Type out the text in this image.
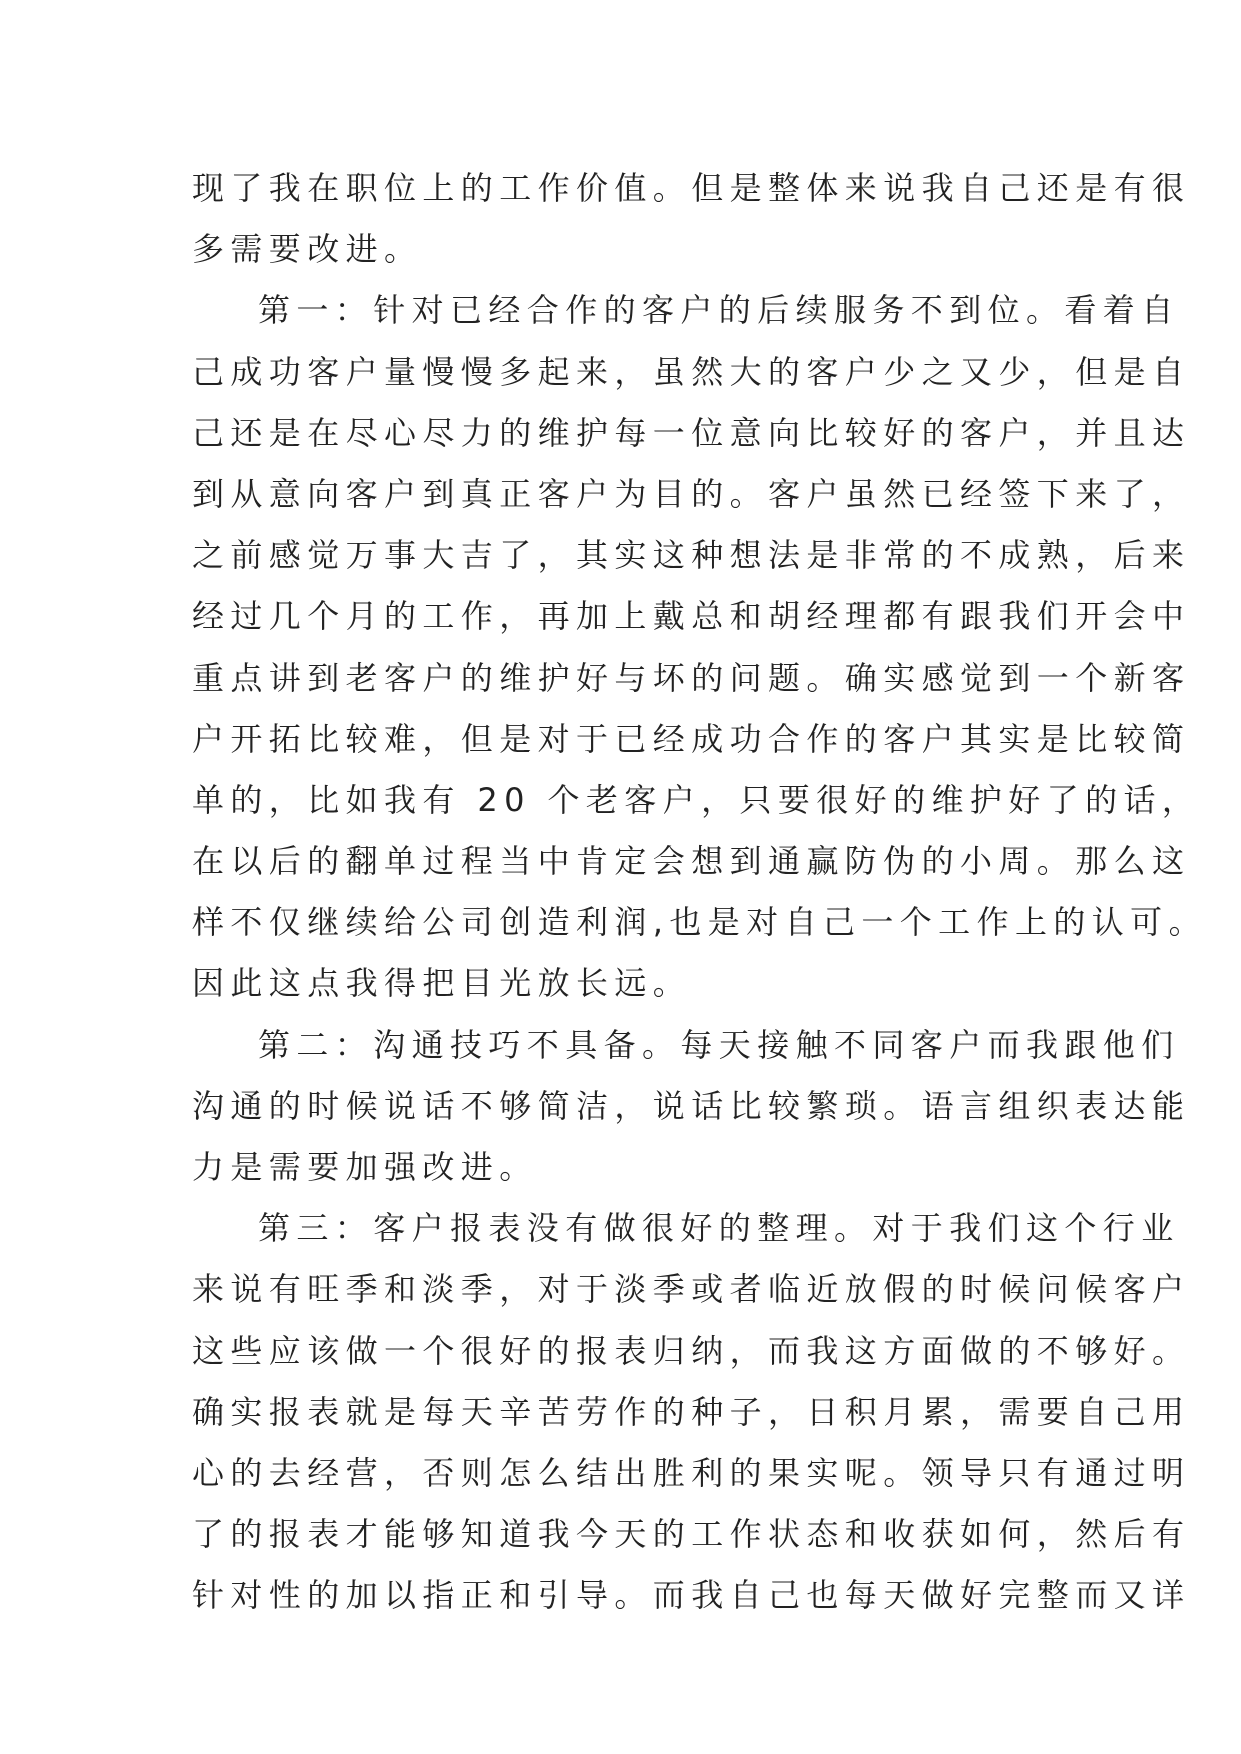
现了我在职位上的工作价值。但是整体来说我自己还是有很
多需要改进。
第一：针对已经合作的客户的后续服务不到位。看着自
己成功客户量慢慢多起来，虽然大的客户少之又少，但是自
己还是在尽心尽力的维护每一位意向比较好的客户，并且达
到从意向客户到真正客户为目的。客户虽然已经签下来了，
之前感觉万事大吉了，其实这种想法是非常的不成熟，后来
经过几个月的工作，再加上戴总和胡经理都有跟我们开会中
重点讲到老客户的维护好与坏的问题。确实感觉到一个新客
户开拓比较难，但是对于已经成功合作的客户其实是比较简
单的，比如我有 20 个老客户，只要很好的维护好了的话，
在以后的翻单过程当中肯定会想到通赢防伪的小周。那么这
样不仅继续给公司创造利润,也是对自己一个工作上的认可。
因此这点我得把目光放长远。
第二：沟通技巧不具备。每天接触不同客户而我跟他们
沟通的时候说话不够简洁，说话比较繁琐。语言组织表达能
力是需要加强改进。
第三：客户报表没有做很好的整理。对于我们这个行业
来说有旺季和淡季，对于淡季或者临近放假的时候问候客户
这些应该做一个很好的报表归纳，而我这方面做的不够好。
确实报表就是每天辛苦劳作的种子，日积月累，需要自己用
心的去经营，否则怎么结出胜利的果实呢。领导只有通过明
了的报表才能够知道我今天的工作状态和收获如何，然后有
针对性的加以指正和引导。而我自己也每天做好完整而又详
